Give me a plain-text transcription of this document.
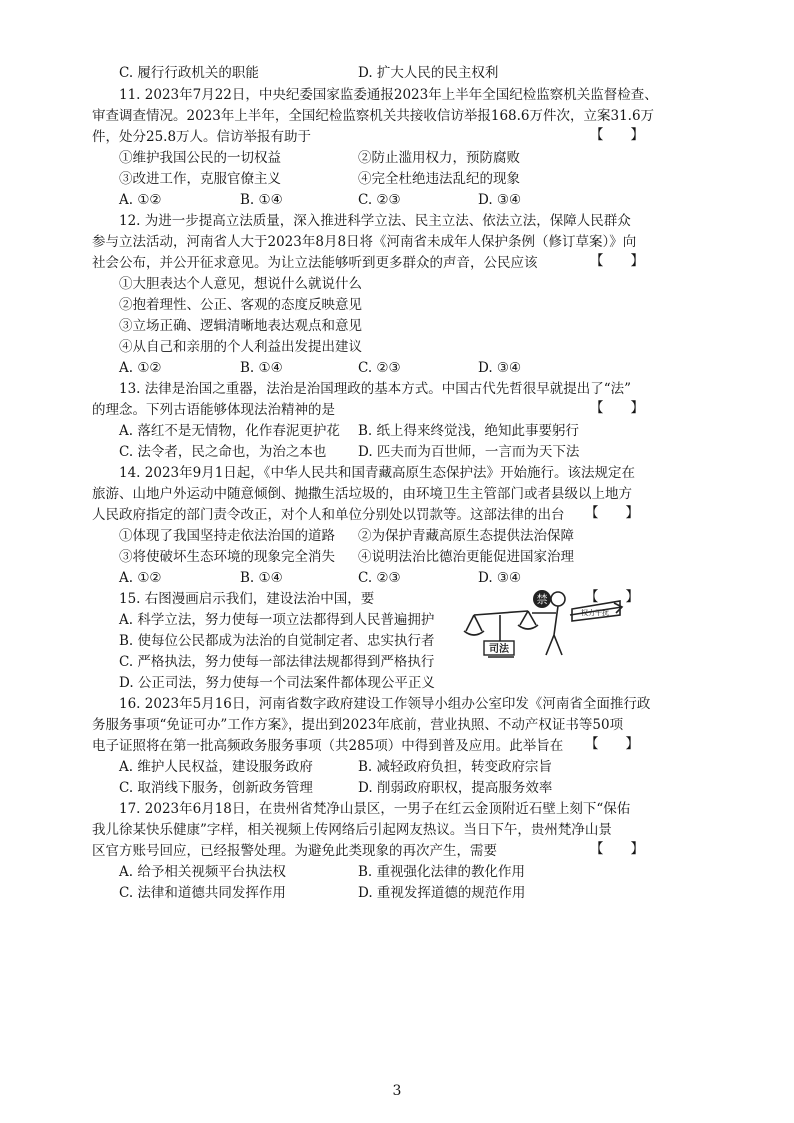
C. 履行行政机关的职能	D. 扩大人民的民主权利
11. 2023年7月22日，中央纪委国家监委通报2023年上半年全国纪检监察机关监督检查、
审查调查情况。2023年上半年，全国纪检监察机关共接收信访举报168.6万件次，立案31.6万
件，处分25.8万人。信访举报有助于	【　　】
①维护我国公民的一切权益	②防止滥用权力，预防腐败
③改进工作，克服官僚主义	④完全杜绝违法乱纪的现象
A. ①②	B. ①④	C. ②③	D. ③④
12. 为进一步提高立法质量，深入推进科学立法、民主立法、依法立法，保障人民群众
参与立法活动，河南省人大于2023年8月8日将《河南省未成年人保护条例（修订草案）》向
社会公布，并公开征求意见。为让立法能够听到更多群众的声音，公民应该	【　　】
①大胆表达个人意见，想说什么就说什么
②抱着理性、公正、客观的态度反映意见
③立场正确、逻辑清晰地表达观点和意见
④从自己和亲朋的个人利益出发提出建议
A. ①②	B. ①④	C. ②③	D. ③④
13. 法律是治国之重器，法治是治国理政的基本方式。中国古代先哲很早就提出了“法”
的理念。下列古语能够体现法治精神的是	【　　】
A. 落红不是无情物，化作春泥更护花 B. 纸上得来终觉浅，绝知此事要躬行
C. 法令者，民之命也，为治之本也 D. 匹夫而为百世师，一言而为天下法
14. 2023年9月1日起，《中华人民共和国青藏高原生态保护法》开始施行。该法规定在
旅游、山地户外运动中随意倾倒、抛撒生活垃圾的，由环境卫生主管部门或者县级以上地方
人民政府指定的部门责令改正，对个人和单位分别处以罚款等。这部法律的出台 【　　】
①体现了我国坚持走依法治国的道路 ②为保护青藏高原生态提供法治保障
③将使破坏生态环境的现象完全消失 ④说明法治比德治更能促进国家治理
A. ①②	B. ①④	C. ②③	D. ③④
15. 右图漫画启示我们，建设法治中国，要	【　　】
A. 科学立法，努力使每一项立法都得到人民普遍拥护
B. 使每位公民都成为法治的自觉制定者、忠实执行者
C. 严格执法，努力使每一部法律法规都得到严格执行
D. 公正司法，努力使每一个司法案件都体现公平正义
禁
权力干扰
司法
16. 2023年5月16日，河南省数字政府建设工作领导小组办公室印发《河南省全面推行政
务服务事项“免证可办”工作方案》，提出到2023年底前，营业执照、不动产权证书等50项
电子证照将在第一批高频政务服务事项（共285项）中得到普及应用。此举旨在 【　　】
A. 维护人民权益，建设服务政府	B. 减轻政府负担，转变政府宗旨
C. 取消线下服务，创新政务管理	D. 削弱政府职权，提高服务效率
17. 2023年6月18日，在贵州省梵净山景区，一男子在红云金顶附近石壁上刻下“保佑
我儿徐某快乐健康”字样，相关视频上传网络后引起网友热议。当日下午，贵州梵净山景
区官方账号回应，已经报警处理。为避免此类现象的再次产生，需要	【　　】
A. 给予相关视频平台执法权	B. 重视强化法律的教化作用
C. 法律和道德共同发挥作用	D. 重视发挥道德的规范作用
3
